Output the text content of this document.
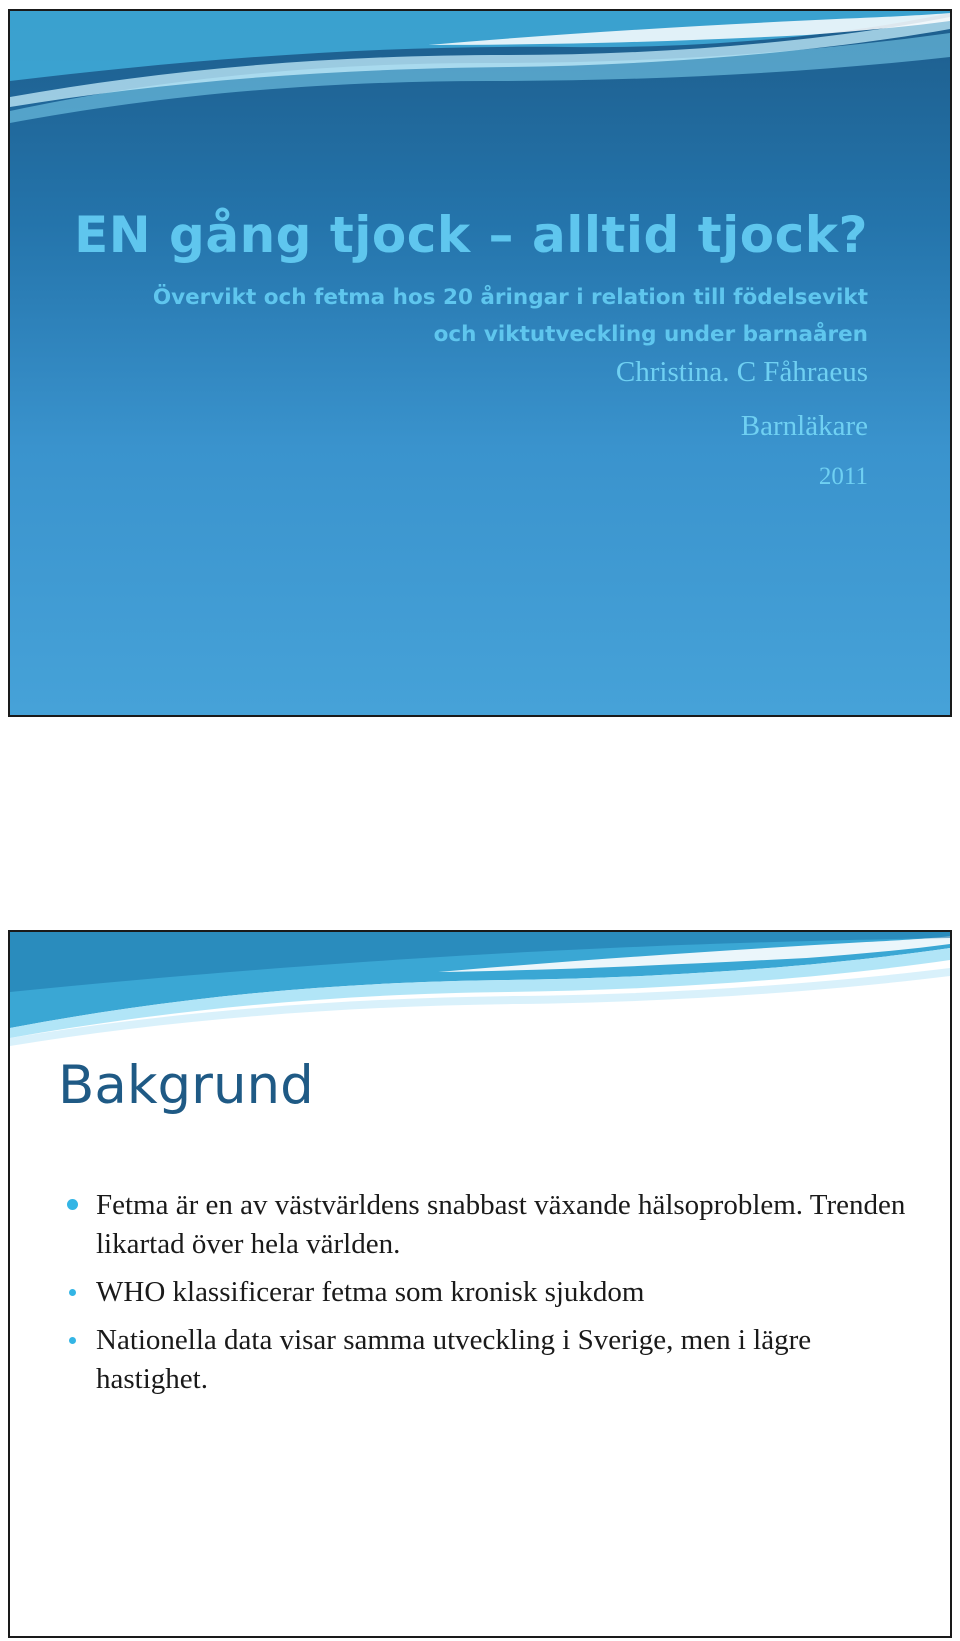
EN gång tjock – alltid tjock?

Övervikt och fetma hos 20 åringar i relation till födelsevikt och viktutveckling under barnaåren

Christina. C Fåhraeus

Barnläkare

2011

Bakgrund
Fetma är en av västvärldens snabbast växande hälsoproblem. Trenden likartad över hela världen.
WHO klassificerar fetma som kronisk sjukdom
Nationella data visar samma utveckling i Sverige, men i lägre hastighet.
